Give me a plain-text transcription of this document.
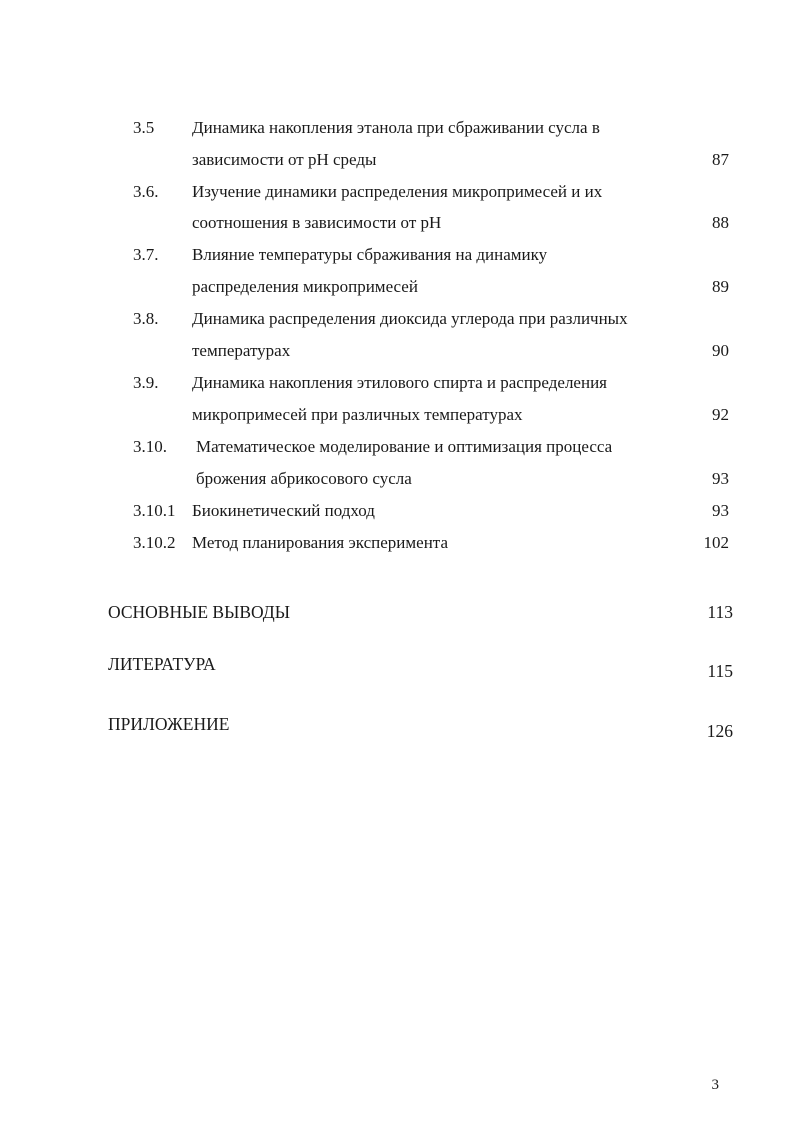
3.5 Динамика накопления этанола при сбраживании сусла в
зависимости от pH среды	87
3.6. Изучение динамики распределения микропримесей и их
соотношения в зависимости от pH	88
3.7. Влияние температуры сбраживания на динамику
распределения микропримесей	89
3.8. Динамика распределения диоксида углерода при различных
температурах	90
3.9. Динамика накопления этилового спирта и распределения
микропримесей при различных температурах	92
3.10. Математическое моделирование и оптимизация процесса
брожения абрикосового сусла	93
3.10.1 Биокинетический подход	93
3.10.2 Метод планирования эксперимента	102
ОСНОВНЫЕ ВЫВОДЫ	113
ЛИТЕРАТУРА	115
ПРИЛОЖЕНИЕ	126
3
